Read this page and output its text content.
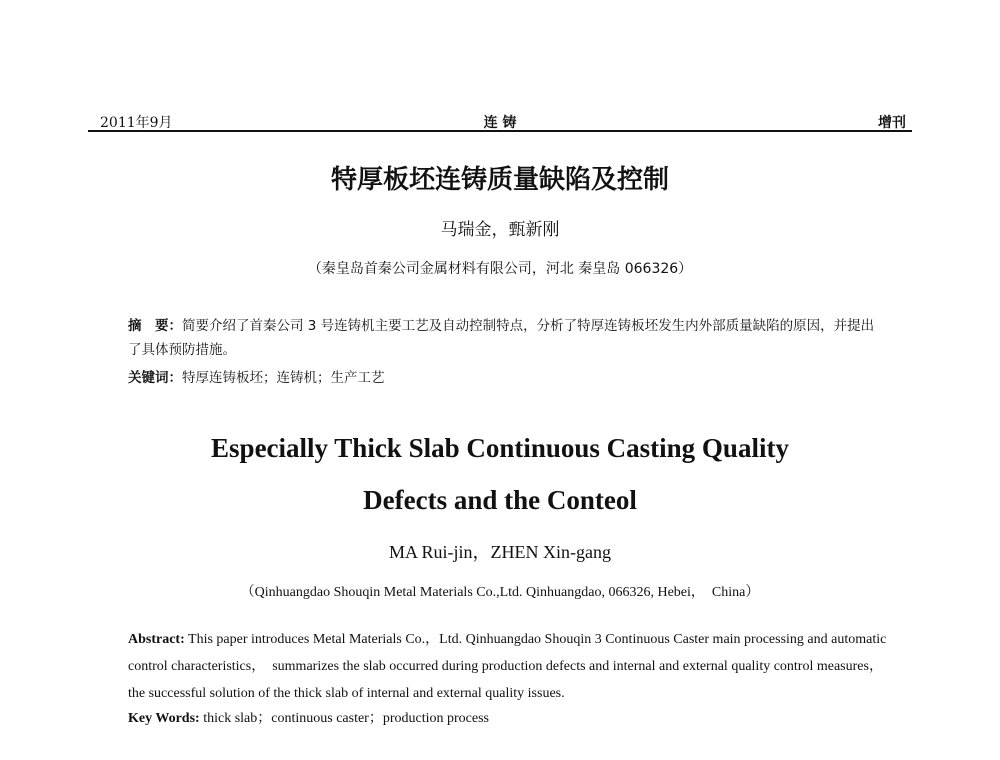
2011年9月	连 铸	增刊
特厚板坯连铸质量缺陷及控制
马瑞金，甄新刚
（秦皇岛首秦公司金属材料有限公司，河北 秦皇岛 066326）
摘　要：简要介绍了首秦公司 3 号连铸机主要工艺及自动控制特点，分析了特厚连铸板坯发生内外部质量缺陷的原因，并提出了具体预防措施。
关键词：特厚连铸板坯；连铸机；生产工艺
Especially Thick Slab Continuous Casting Quality
Defects and the Conteol
MA Rui-jin，ZHEN Xin-gang
（Qinhuangdao Shouqin Metal Materials Co.,Ltd. Qinhuangdao, 066326, Hebei，　China）
Abstract: This paper introduces Metal Materials Co.，Ltd. Qinhuangdao Shouqin 3 Continuous Caster main processing and automatic control characteristics，　summarizes the slab occurred during production defects and internal and external quality control measures，　the successful solution of the thick slab of internal and external quality issues.
Key Words: thick slab；continuous caster；production process
